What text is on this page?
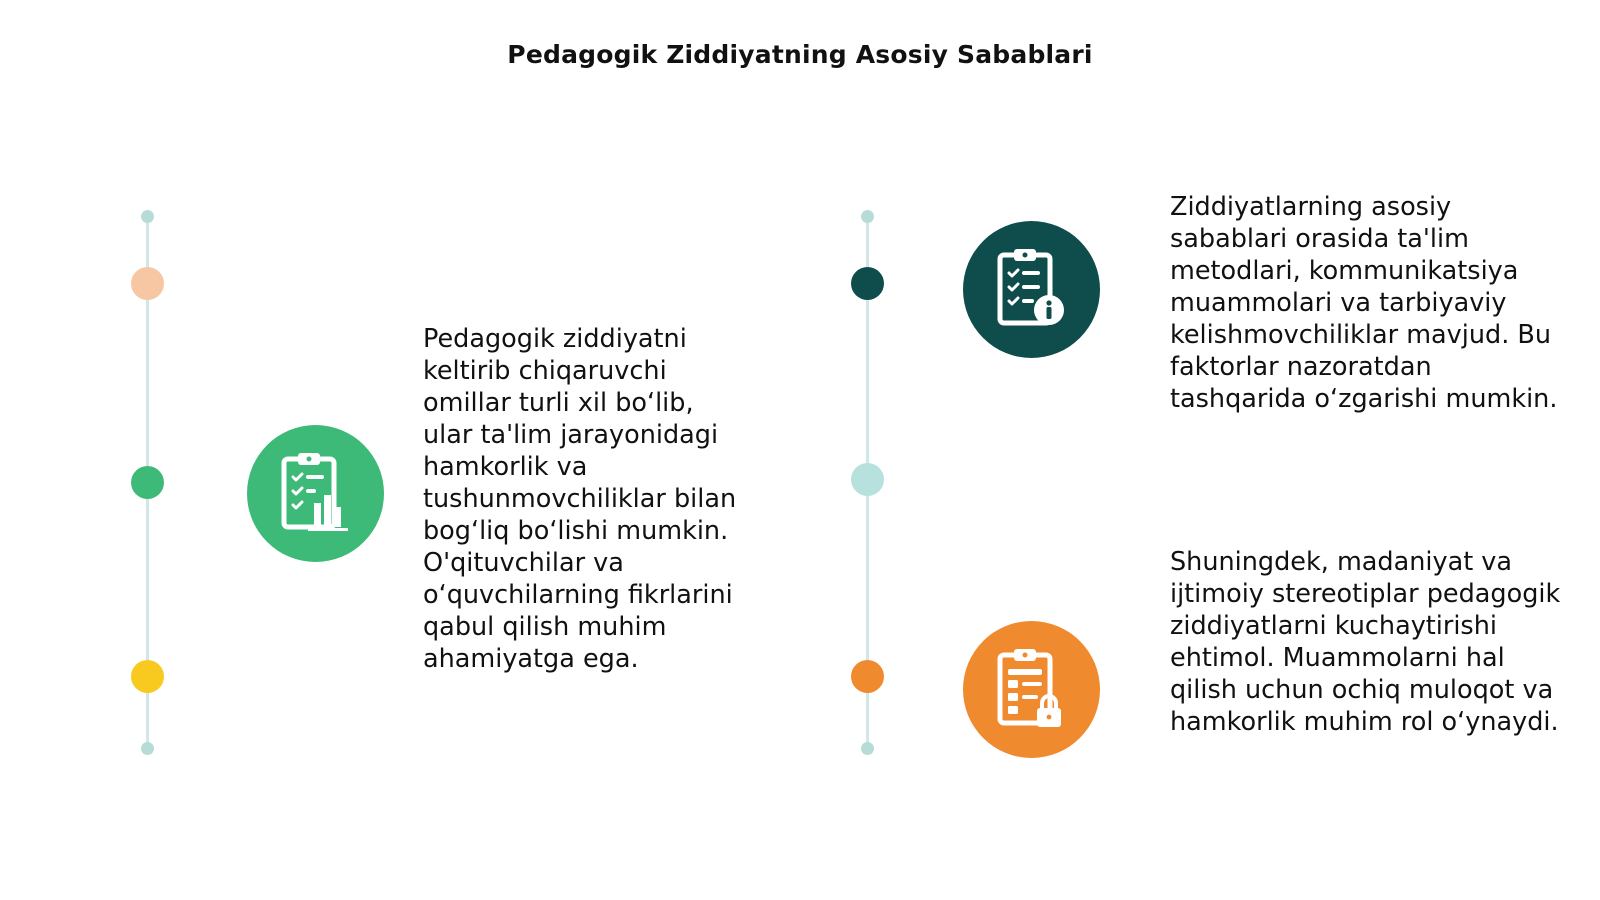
Pedagogik Ziddiyatning Asosiy Sabablari
Pedagogik ziddiyatni keltirib chiqaruvchi omillar turli xil bo‘lib, ular ta'lim jarayonidagi hamkorlik va tushunmovchiliklar bilan bog‘liq bo‘lishi mumkin. O'qituvchilar va o‘quvchilarning fikrlarini qabul qilish muhim ahamiyatga ega.
Ziddiyatlarning asosiy sabablari orasida ta'lim metodlari, kommunikatsiya muammolari va tarbiyaviy kelishmovchiliklar mavjud. Bu faktorlar nazoratdan tashqarida o‘zgarishi mumkin.
Shuningdek, madaniyat va ijtimoiy stereotiplar pedagogik ziddiyatlarni kuchaytirishi ehtimol. Muammolarni hal qilish uchun ochiq muloqot va hamkorlik muhim rol o‘ynaydi.
